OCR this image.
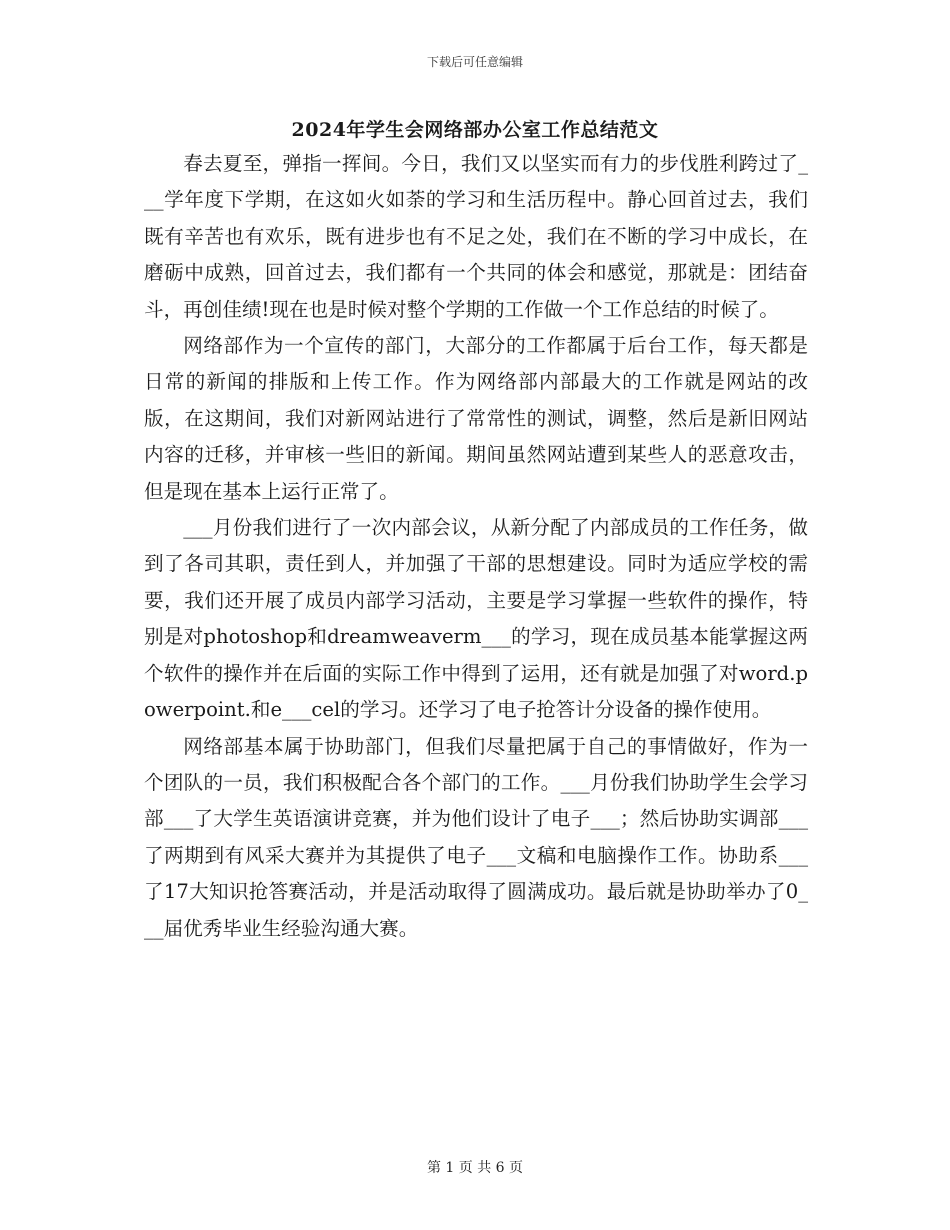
下载后可任意编辑
2024年学生会网络部办公室工作总结范文

春去夏至，弹指一挥间。今日，我们又以坚实而有力的步伐胜利跨过了___学年度下学期，在这如火如荼的学习和生活历程中。静心回首过去，我们既有辛苦也有欢乐，既有进步也有不足之处，我们在不断的学习中成长，在磨砺中成熟，回首过去，我们都有一个共同的体会和感觉，那就是：团结奋斗，再创佳绩!现在也是时候对整个学期的工作做一个工作总结的时候了。

网络部作为一个宣传的部门，大部分的工作都属于后台工作，每天都是日常的新闻的排版和上传工作。作为网络部内部最大的工作就是网站的改版，在这期间，我们对新网站进行了常常性的测试，调整，然后是新旧网站内容的迁移，并审核一些旧的新闻。期间虽然网站遭到某些人的恶意攻击，但是现在基本上运行正常了。

___月份我们进行了一次内部会议，从新分配了内部成员的工作任务，做到了各司其职，责任到人，并加强了干部的思想建设。同时为适应学校的需要，我们还开展了成员内部学习活动，主要是学习掌握一些软件的操作，特别是对photoshop和dreamweaverm___的学习，现在成员基本能掌握这两个软件的操作并在后面的实际工作中得到了运用，还有就是加强了对word.powerpoint.和e___cel的学习。还学习了电子抢答计分设备的操作使用。

网络部基本属于协助部门，但我们尽量把属于自己的事情做好，作为一个团队的一员，我们积极配合各个部门的工作。___月份我们协助学生会学习部___了大学生英语演讲竞赛，并为他们设计了电子___；然后协助实调部___了两期到有风采大赛并为其提供了电子___文稿和电脑操作工作。协助系___了17大知识抢答赛活动，并是活动取得了圆满成功。最后就是协助举办了0___届优秀毕业生经验沟通大赛。

第 1 页 共 6 页
